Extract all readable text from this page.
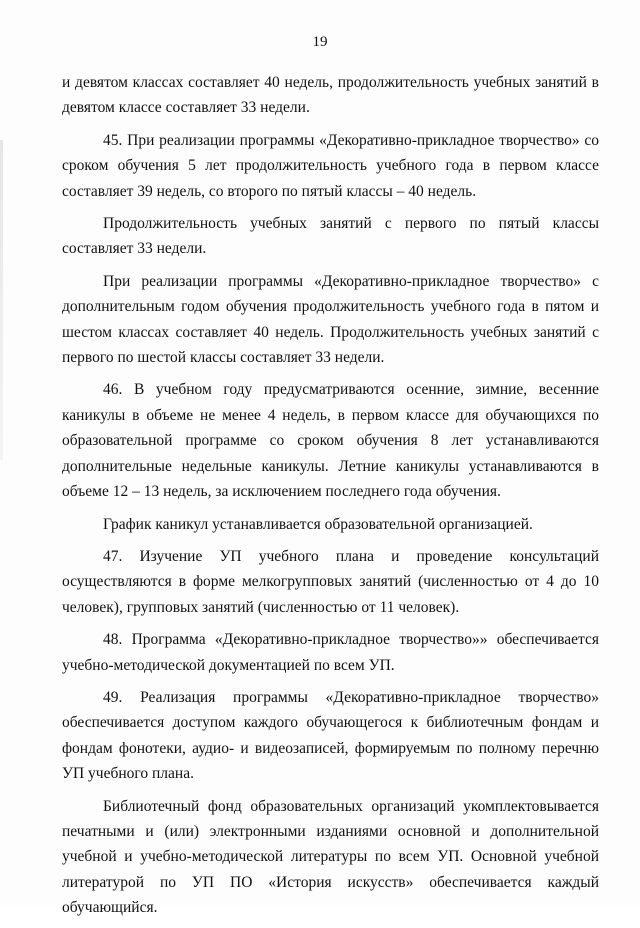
19

и девятом классах составляет 40 недель, продолжительность учебных занятий в девятом классе составляет 33 недели.

45. При реализации программы «Декоративно-прикладное творчество» со сроком обучения 5 лет продолжительность учебного года в первом классе составляет 39 недель, со второго по пятый классы – 40 недель.

Продолжительность учебных занятий с первого по пятый классы составляет 33 недели.

При реализации программы «Декоративно-прикладное творчество» с дополнительным годом обучения продолжительность учебного года в пятом и шестом классах составляет 40 недель. Продолжительность учебных занятий с первого по шестой классы составляет 33 недели.

46. В учебном году предусматриваются осенние, зимние, весенние каникулы в объеме не менее 4 недель, в первом классе для обучающихся по образовательной программе со сроком обучения 8 лет устанавливаются дополнительные недельные каникулы. Летние каникулы устанавливаются в объеме 12 – 13 недель, за исключением последнего года обучения.

График каникул устанавливается образовательной организацией.

47. Изучение УП учебного плана и проведение консультаций осуществляются в форме мелкогрупповых занятий (численностью от 4 до 10 человек), групповых занятий (численностью от 11 человек).

48. Программа «Декоративно-прикладное творчество»» обеспечивается учебно-методической документацией по всем УП.

49. Реализация программы «Декоративно-прикладное творчество» обеспечивается доступом каждого обучающегося к библиотечным фондам и фондам фонотеки, аудио- и видеозаписей, формируемым по полному перечню УП учебного плана.

Библиотечный фонд образовательных организаций укомплектовывается печатными и (или) электронными изданиями основной и дополнительной учебной и учебно-методической литературы по всем УП. Основной учебной литературой по УП ПО «История искусств» обеспечивается каждый обучающийся.
